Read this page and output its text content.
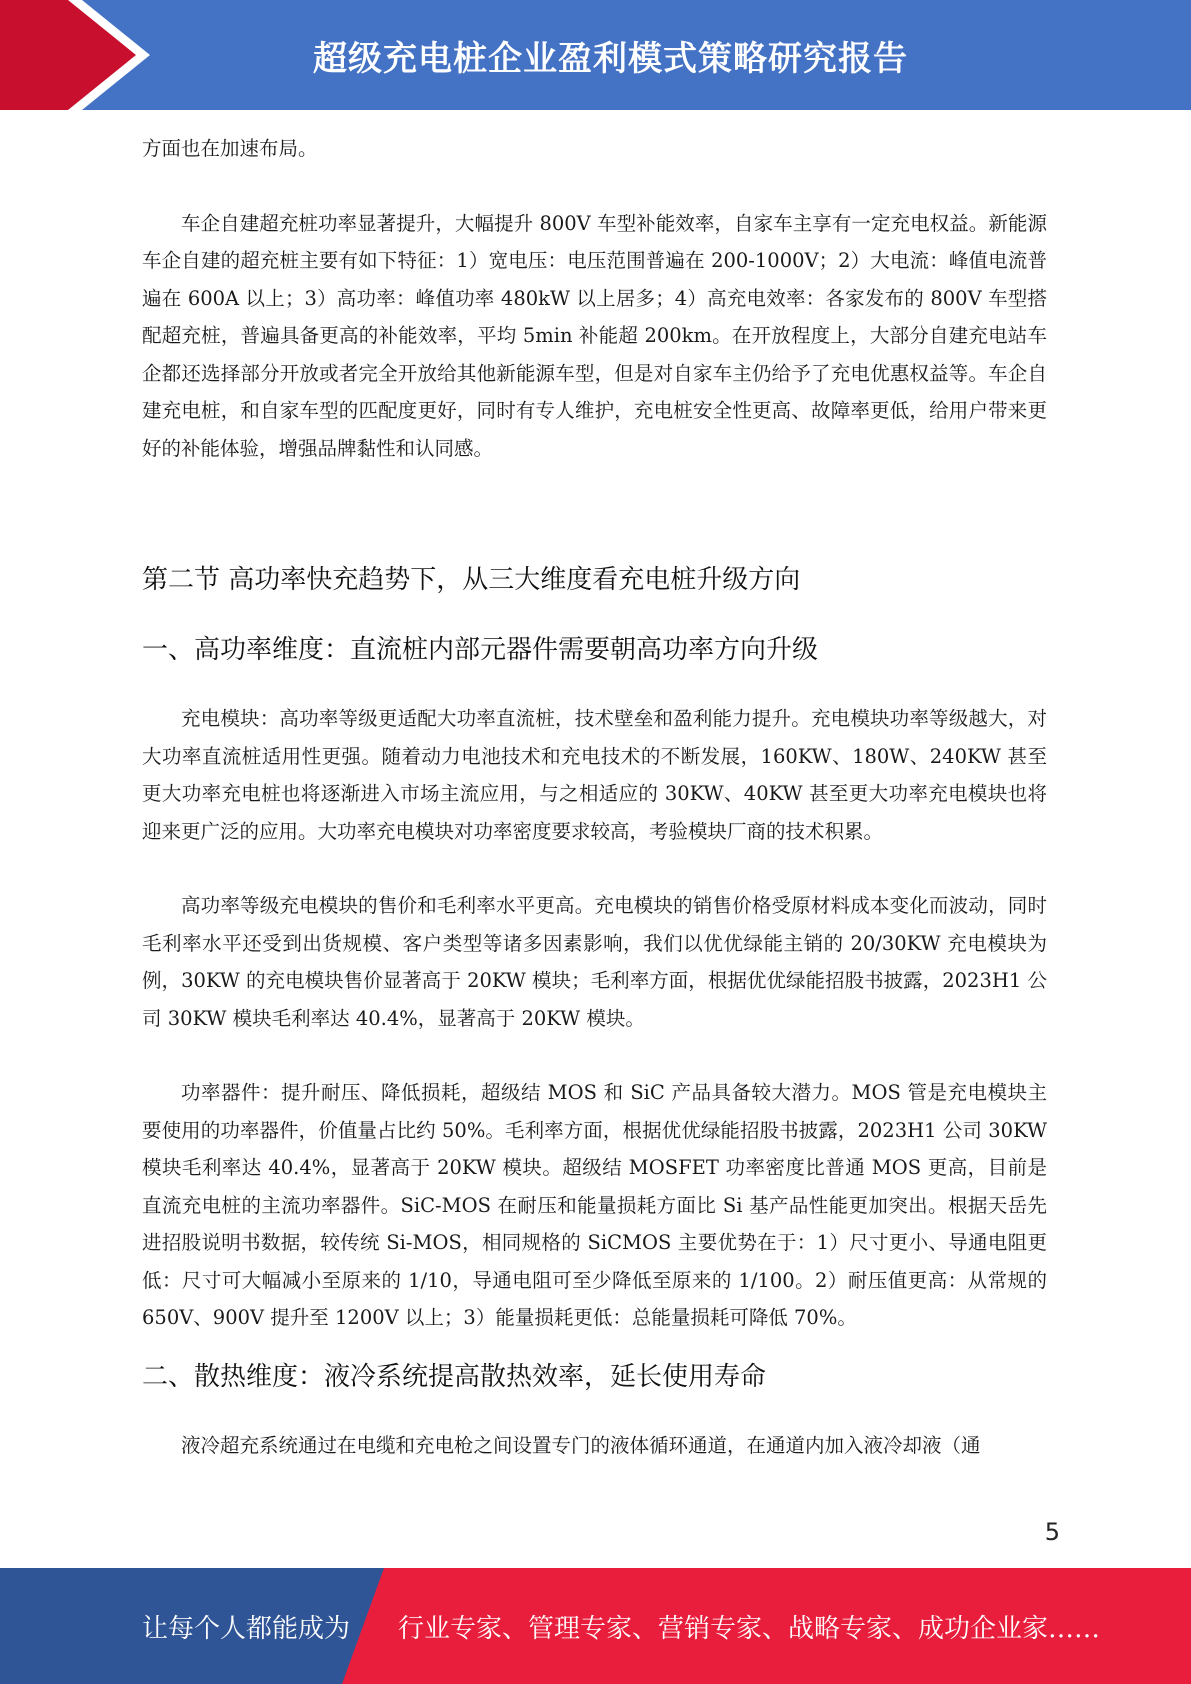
超级充电桩企业盈利模式策略研究报告

方面也在加速布局。

车企自建超充桩功率显著提升，大幅提升 800V 车型补能效率，自家车主享有一定充电权益。新能源车企自建的超充桩主要有如下特征：1）宽电压：电压范围普遍在 200-1000V；2）大电流：峰值电流普遍在 600A 以上；3）高功率：峰值功率 480kW 以上居多；4）高充电效率：各家发布的 800V 车型搭配超充桩，普遍具备更高的补能效率，平均 5min 补能超 200km。在开放程度上，大部分自建充电站车企都还选择部分开放或者完全开放给其他新能源车型，但是对自家车主仍给予了充电优惠权益等。车企自建充电桩，和自家车型的匹配度更好，同时有专人维护，充电桩安全性更高、故障率更低，给用户带来更好的补能体验，增强品牌黏性和认同感。

第二节 高功率快充趋势下，从三大维度看充电桩升级方向
一、高功率维度：直流桩内部元器件需要朝高功率方向升级

充电模块：高功率等级更适配大功率直流桩，技术壁垒和盈利能力提升。充电模块功率等级越大，对大功率直流桩适用性更强。随着动力电池技术和充电技术的不断发展，160KW、180W、240KW 甚至更大功率充电桩也将逐渐进入市场主流应用，与之相适应的 30KW、40KW 甚至更大功率充电模块也将迎来更广泛的应用。大功率充电模块对功率密度要求较高，考验模块厂商的技术积累。

高功率等级充电模块的售价和毛利率水平更高。充电模块的销售价格受原材料成本变化而波动，同时毛利率水平还受到出货规模、客户类型等诸多因素影响，我们以优优绿能主销的 20/30KW 充电模块为例，30KW 的充电模块售价显著高于 20KW 模块；毛利率方面，根据优优绿能招股书披露，2023H1 公司 30KW 模块毛利率达 40.4%，显著高于 20KW 模块。

功率器件：提升耐压、降低损耗，超级结 MOS 和 SiC 产品具备较大潜力。MOS 管是充电模块主要使用的功率器件，价值量占比约 50%。毛利率方面，根据优优绿能招股书披露，2023H1 公司 30KW 模块毛利率达 40.4%，显著高于 20KW 模块。超级结 MOSFET 功率密度比普通 MOS 更高，目前是直流充电桩的主流功率器件。SiC-MOS 在耐压和能量损耗方面比 Si 基产品性能更加突出。根据天岳先进招股说明书数据，较传统 Si-MOS，相同规格的 SiCMOS 主要优势在于：1）尺寸更小、导通电阻更低：尺寸可大幅减小至原来的 1/10，导通电阻可至少降低至原来的 1/100。2）耐压值更高：从常规的 650V、900V 提升至 1200V 以上；3）能量损耗更低：总能量损耗可降低 70%。

二、散热维度：液冷系统提高散热效率，延长使用寿命

液冷超充系统通过在电缆和充电枪之间设置专门的液体循环通道，在通道内加入液冷却液（通

5
让每个人都能成为 行业专家、管理专家、营销专家、战略专家、成功企业家……
